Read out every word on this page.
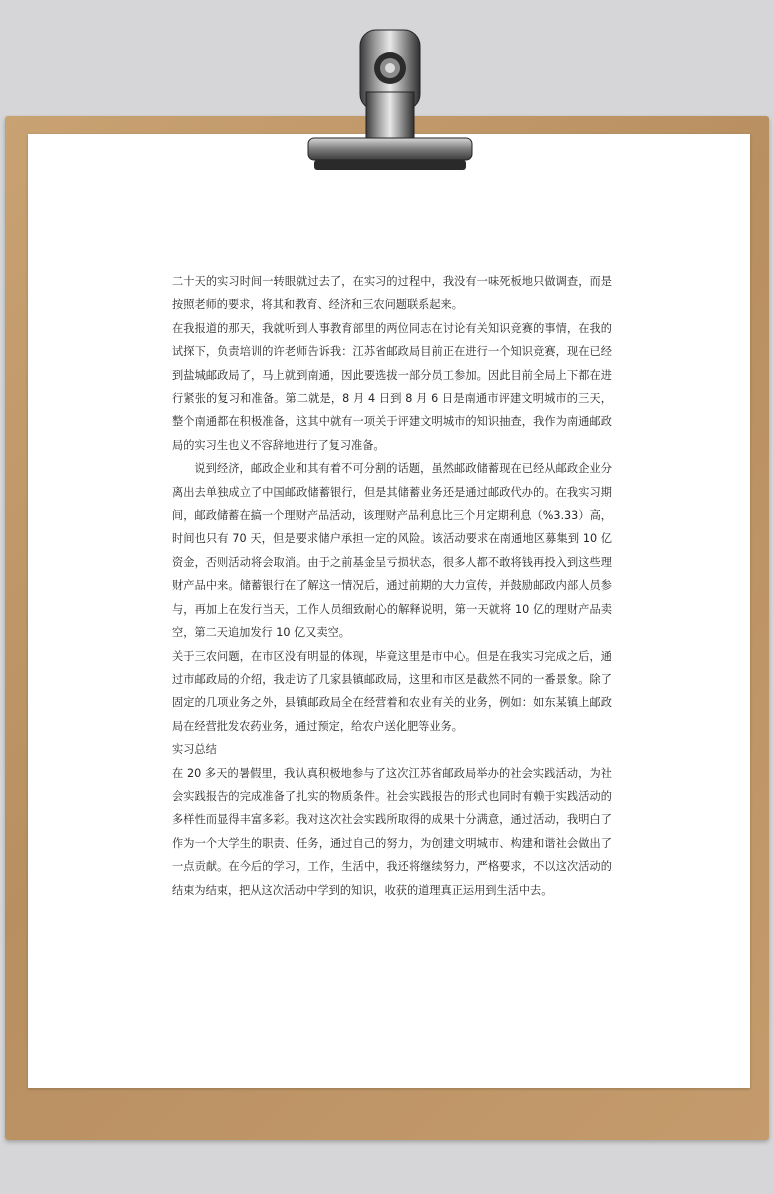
二十天的实习时间一转眼就过去了，在实习的过程中，我没有一味死板地只做调查，而是按照老师的要求，将其和教育、经济和三农问题联系起来。

在我报道的那天，我就听到人事教育部里的两位同志在讨论有关知识竞赛的事情，在我的试探下，负责培训的许老师告诉我：江苏省邮政局目前正在进行一个知识竞赛，现在已经到盐城邮政局了，马上就到南通，因此要选拔一部分员工参加。因此目前全局上下都在进行紧张的复习和准备。第二就是，8 月 4 日到 8 月 6 日是南通市评建文明城市的三天，整个南通都在积极准备，这其中就有一项关于评建文明城市的知识抽查，我作为南通邮政局的实习生也义不容辞地进行了复习准备。

说到经济，邮政企业和其有着不可分割的话题，虽然邮政储蓄现在已经从邮政企业分离出去单独成立了中国邮政储蓄银行，但是其储蓄业务还是通过邮政代办的。在我实习期间，邮政储蓄在搞一个理财产品活动，该理财产品利息比三个月定期利息（%3.33）高，时间也只有 70 天，但是要求储户承担一定的风险。该活动要求在南通地区募集到 10 亿资金，否则活动将会取消。由于之前基金呈亏损状态，很多人都不敢将钱再投入到这些理财产品中来。储蓄银行在了解这一情况后，通过前期的大力宣传，并鼓励邮政内部人员参与，再加上在发行当天，工作人员细致耐心的解释说明，第一天就将 10 亿的理财产品卖空，第二天追加发行 10 亿又卖空。

关于三农问题，在市区没有明显的体现，毕竟这里是市中心。但是在我实习完成之后，通过市邮政局的介绍，我走访了几家县镇邮政局，这里和市区是截然不同的一番景象。除了固定的几项业务之外，县镇邮政局全在经营着和农业有关的业务，例如：如东某镇上邮政局在经营批发农药业务，通过预定，给农户送化肥等业务。

实习总结

在 20 多天的暑假里，我认真积极地参与了这次江苏省邮政局举办的社会实践活动，为社会实践报告的完成准备了扎实的物质条件。社会实践报告的形式也同时有赖于实践活动的多样性而显得丰富多彩。我对这次社会实践所取得的成果十分满意，通过活动，我明白了作为一个大学生的职责、任务，通过自己的努力，为创建文明城市、构建和谐社会做出了一点贡献。在今后的学习，工作，生活中，我还将继续努力，严格要求，不以这次活动的结束为结束，把从这次活动中学到的知识，收获的道理真正运用到生活中去。
